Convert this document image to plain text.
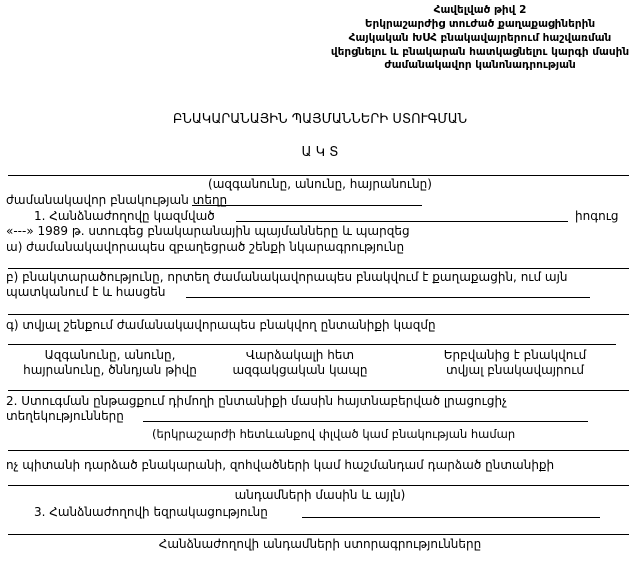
Հավելված թիվ 2
Երկրաշարժից տուժած քաղաքացիներին
Հայկական ԽՍՀ բնակավայրերում հաշվառման
վերցնելու և բնակարան հատկացնելու կարգի մասին
ժամանակավոր կանոնադրության
ԲՆԱԿԱՐԱՆԱՅԻՆ ՊԱՅՄԱՆՆԵՐԻ ՍՏՈՒԳՄԱՆ
Ա Կ Տ
(ազգանունը, անունը, հայրանունը)
ժամանակավոր բնակության տեղը
1. Հանձնաժողովը կազմված	իոգուց
«---» 1989 թ. ստուգեց բնակարանային պայմանները և պարզեց
ա) ժամանակավորապես զբաղեցրած շենքի նկարագրությունը
բ) բնակտարածությունը, որտեղ ժամանակավորապես բնակվում է քաղաքացին, ում այն
պատկանում է և հասցեն
գ) տվյալ շենքում ժամանակավորապես բնակվող ընտանիքի կազմը
Ազգանունը, անունը,
հայրանունը, ծննդյան թիվը
Վարձակալի հետ
ազգակցական կապը
Երբվանից է բնակվում
տվյալ բնակավայրում
2. Ստուգման ընթացքում դիմողի ընտանիքի մասին հայտնաբերված լրացուցիչ
տեղեկությունները
(երկրաշարժի հետևանքով փլված կամ բնակության համար
ոչ պիտանի դարձած բնակարանի, զոհվածների կամ հաշմանդամ դարձած ընտանիքի
անդամների մասին և այլն)
3. Հանձնաժողովի եզրակացությունը
Հանձնաժողովի անդամների ստորագրությունները
